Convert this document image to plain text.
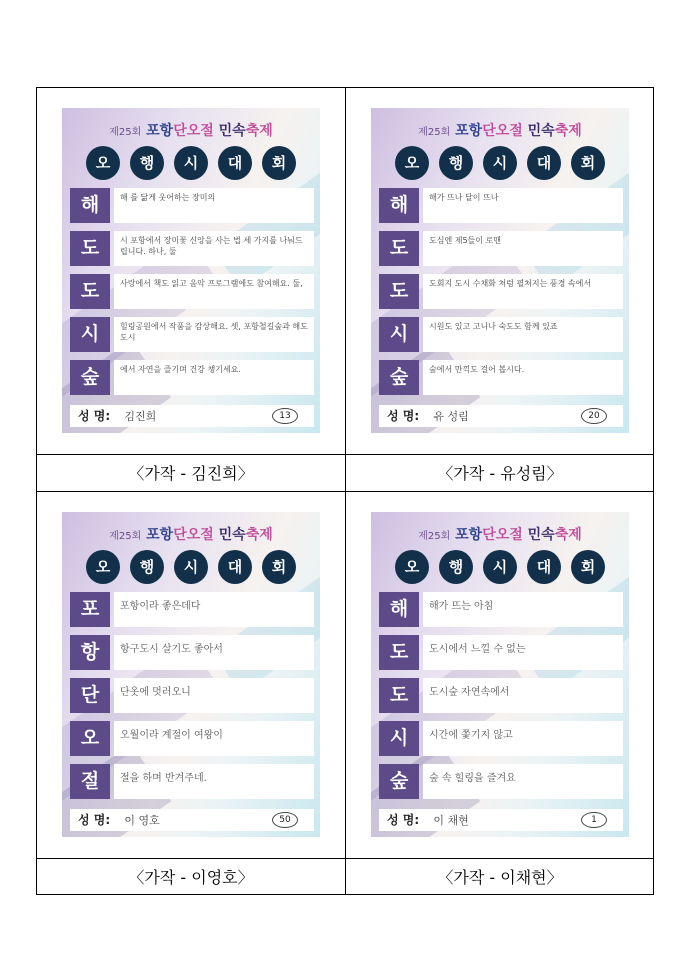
제25회 포항단오절 민속축제
오	행	시	대	회
해	해 를 닮게 웃어하는 장미의
도	시 포항에서 장미꽃 신앙을 사는 법 세 가지를 나눠드립니다. 하나, 둘
도	사랑에서 책도 읽고 음악 프로그램에도 참여해요. 둘,
시	힐링공원에서 작품을 감상해요. 셋, 포항철길숲과 해도도시
숲	에서 자연을 즐기며 건강 챙기세요.
성 명: 김진희	13
〈가작 - 김진희〉
제25회 포항단오절 민속축제
오	행	시	대	회
해	해가 뜨나 달이 뜨나
도	도심엔 제5들이 로맨
도	도회지 도시 수채화 처럼 펼쳐지는 풍경 속에서
시	시원도 있고 고니나 숙도도 함께 있죠
숲	숲에서 만끽도 걸어 봅시다.
성 명: 유 성림	20
〈가작 - 유성림〉
제25회 포항단오절 민속축제
오	행	시	대	회
포	포항이라 좋은데다
항	항구도시 살기도 좋아서
단	단옷에 멋러오니
오	오월이라 계절이 여왕이
절	절을 하며 반겨주네.
성 명: 이 영호	50
〈가작 - 이영호〉
제25회 포항단오절 민속축제
오	행	시	대	회
해	해가 뜨는 아침
도	도시에서 느낄 수 없는
도	도시숲 자연속에서
시	시간에 쫓기지 않고
숲	숲 속 힐링을 즐겨요
성 명: 이 채현	1
〈가작 - 이채현〉
